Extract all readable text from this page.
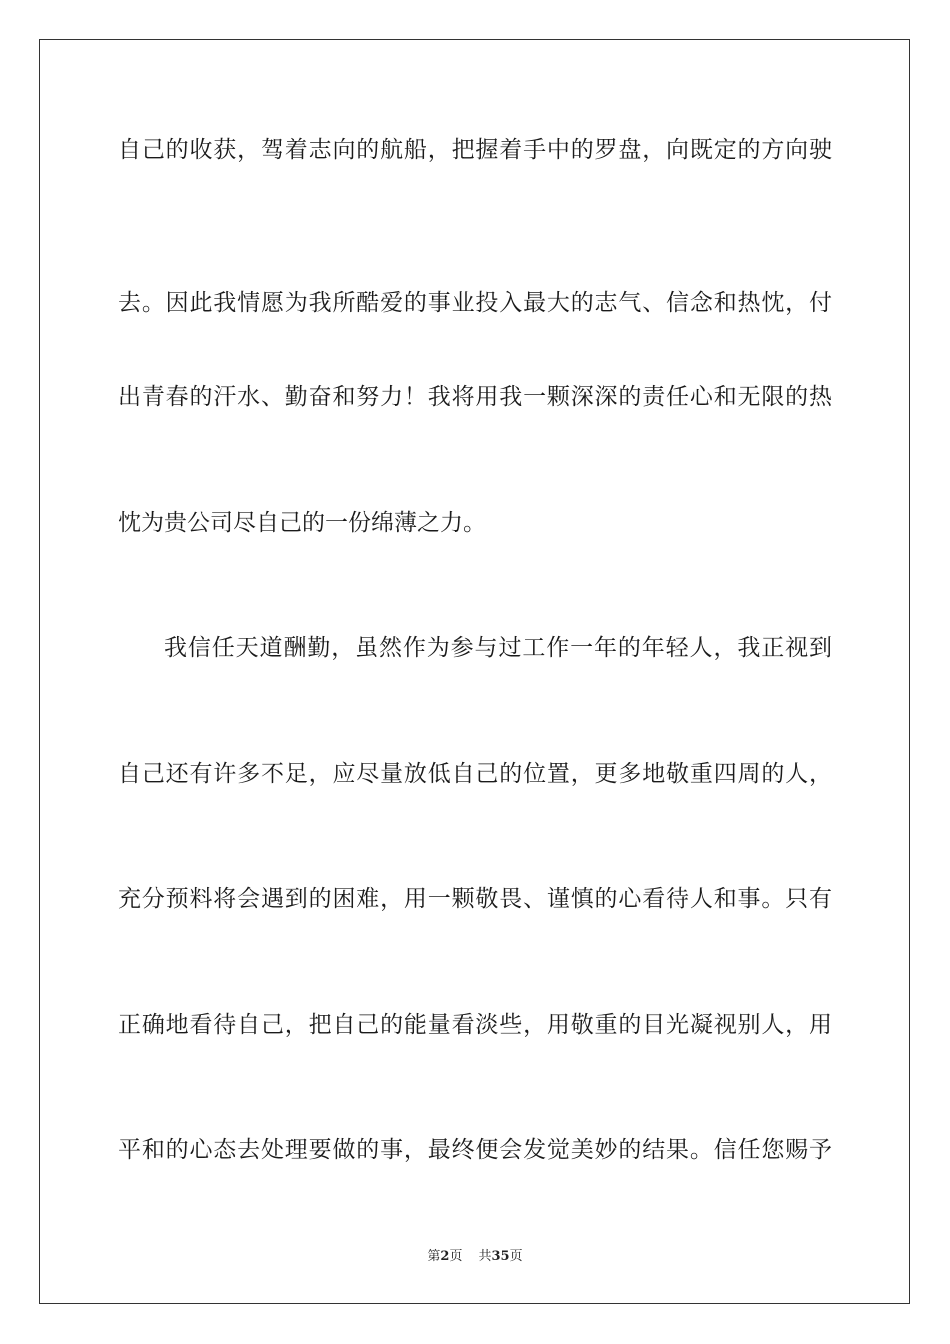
自己的收获，驾着志向的航船，把握着手中的罗盘，向既定的方向驶
去。因此我情愿为我所酷爱的事业投入最大的志气、信念和热忱，付
出青春的汗水、勤奋和努力！我将用我一颗深深的责任心和无限的热
忱为贵公司尽自己的一份绵薄之力。
我信任天道酬勤，虽然作为参与过工作一年的年轻人，我正视到
自己还有许多不足，应尽量放低自己的位置，更多地敬重四周的人，
充分预料将会遇到的困难，用一颗敬畏、谨慎的心看待人和事。只有
正确地看待自己，把自己的能量看淡些，用敬重的目光凝视别人，用
平和的心态去处理要做的事，最终便会发觉美妙的结果。信任您赐予
第2页 共35页
